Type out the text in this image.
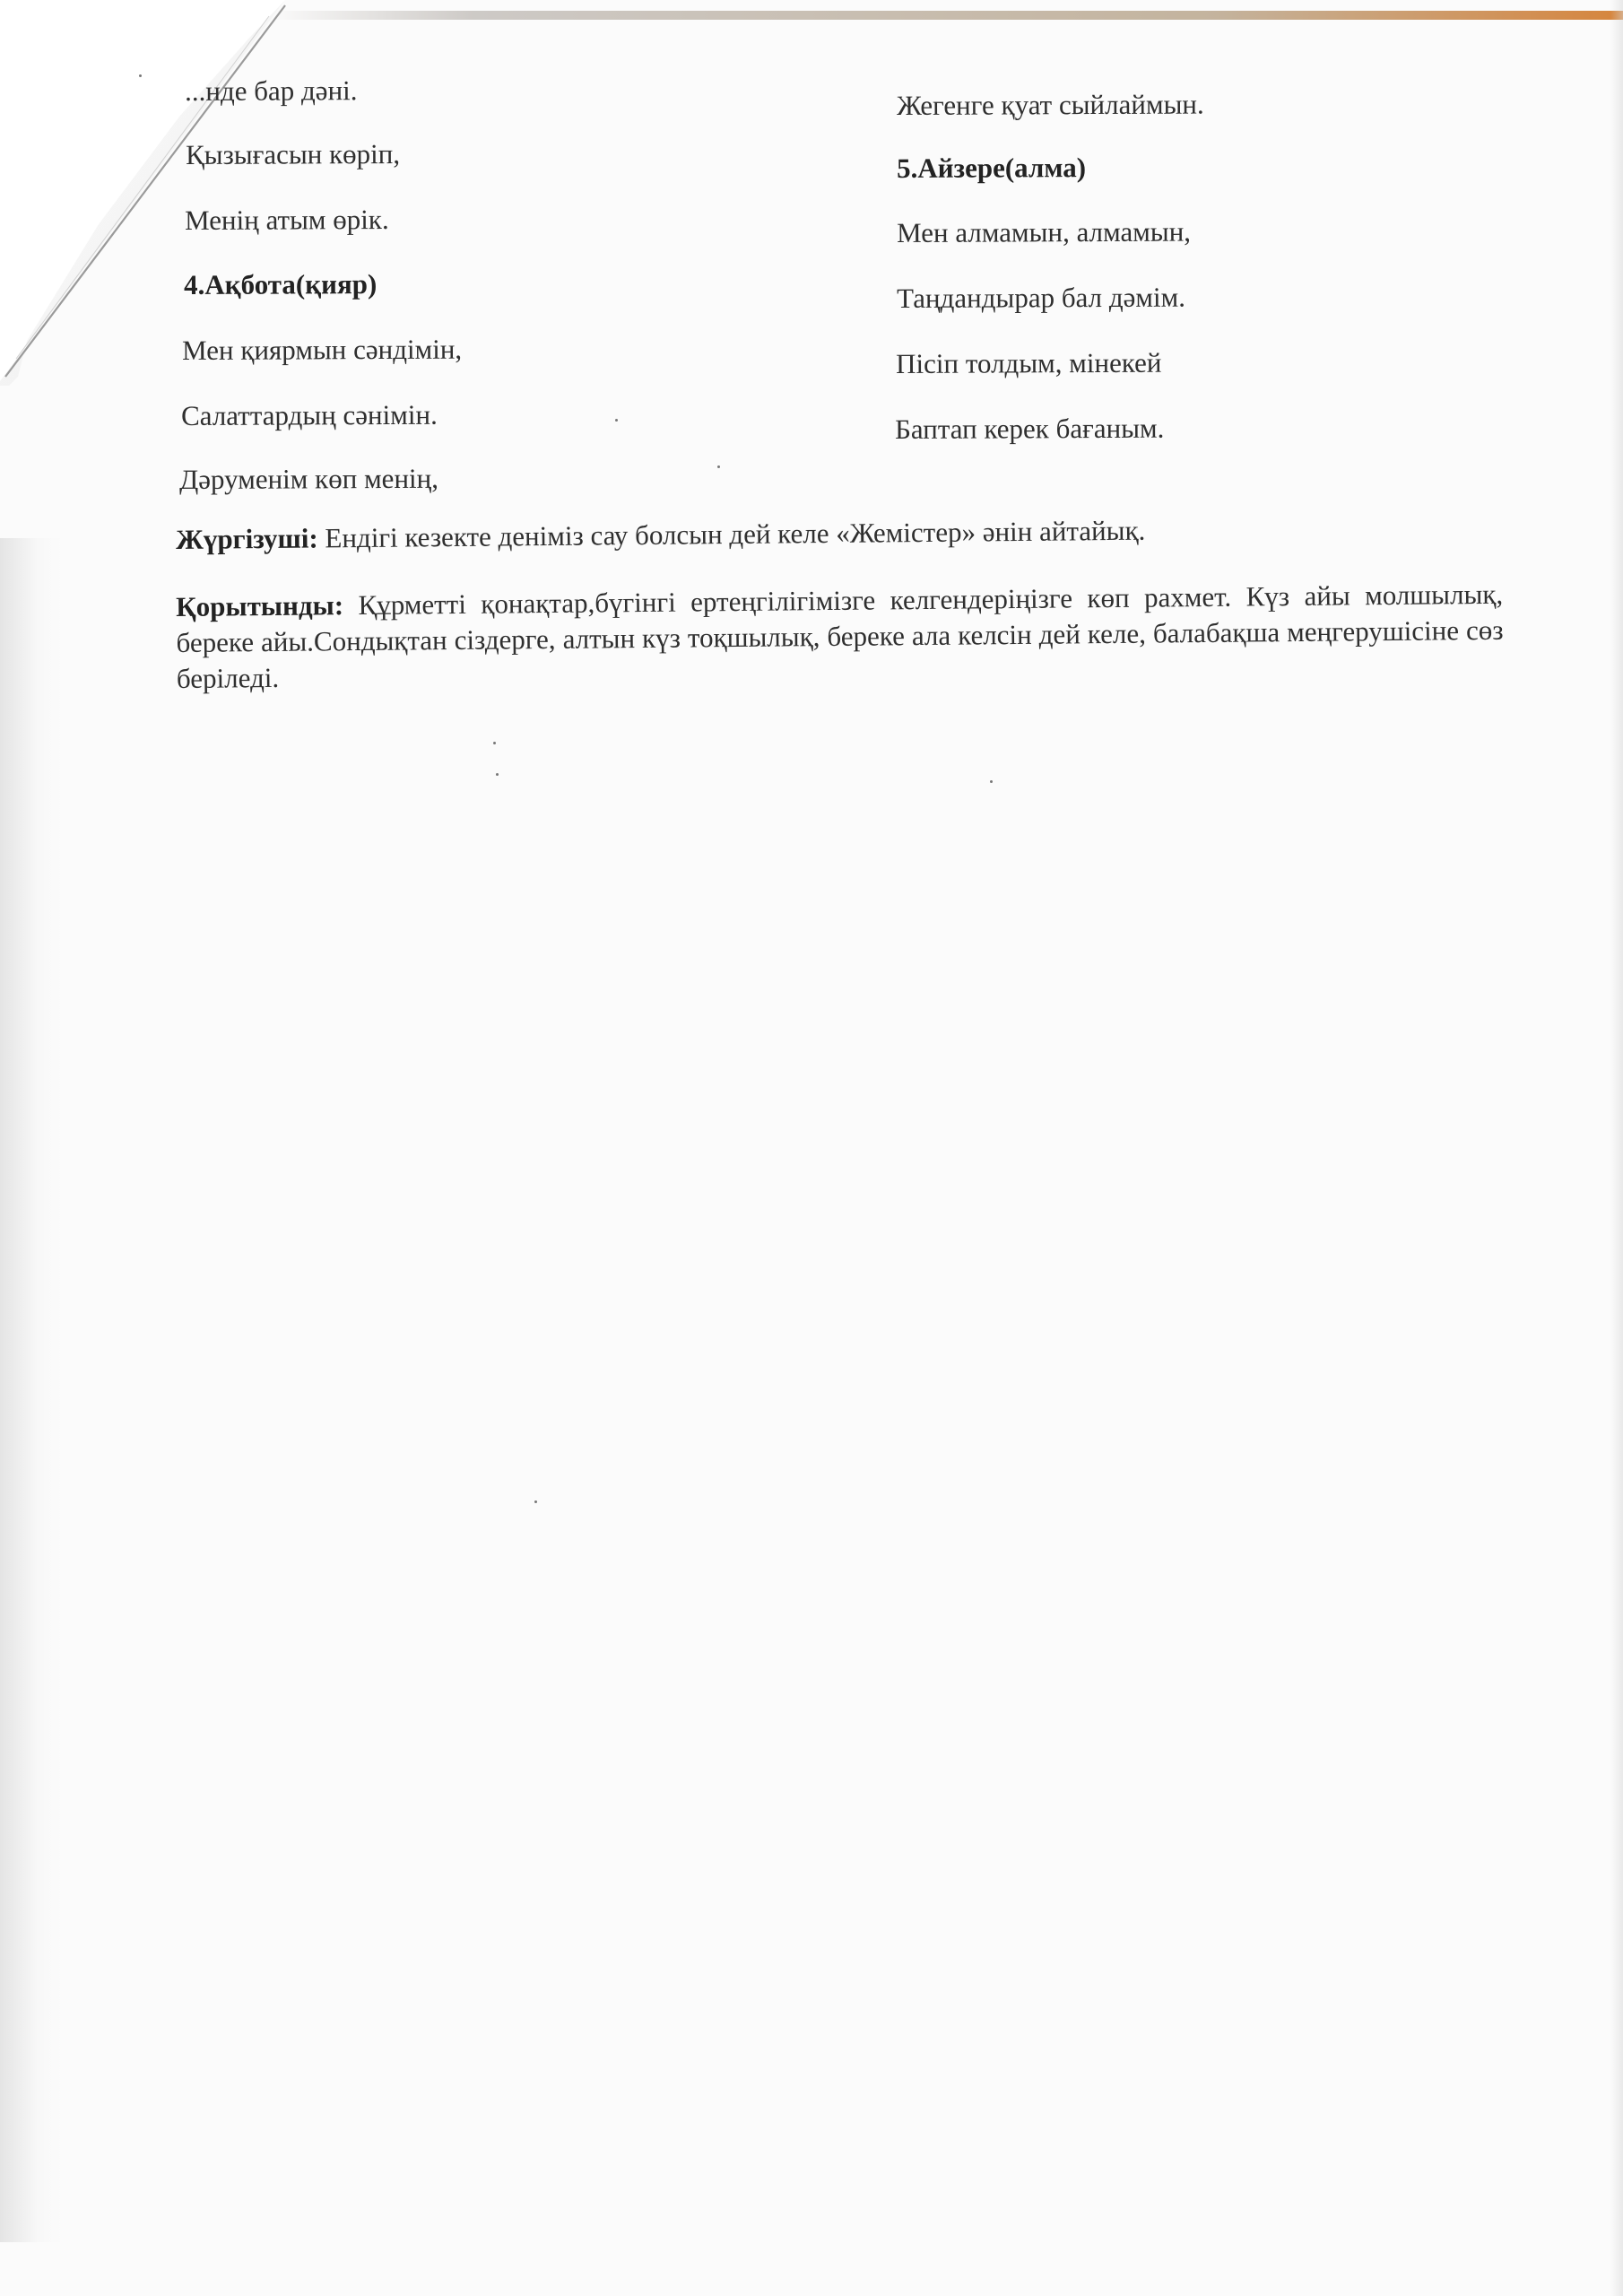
...нде бар дәні.
Қызығасын көріп,
Менің атым өрік.
4.Ақбота(қияр)
Мен қиярмын сәндімін,
Салаттардың сәнімін.
Дәруменім көп менің,
Жегенге қуат сыйлаймын.
5.Айзере(алма)
Мен алмамын, алмамын,
Таңдандырар бал дәмім.
Пісіп толдым, мінекей
Баптап керек бағаным.
Жүргізуші: Ендігі кезекте деніміз сау болсын дей келе «Жемістер» әнін айтайық.
Қорытынды: Құрметті қонақтар,бүгінгі ертеңгілігімізге келгендеріңізге көп рахмет. Күз айы молшылық, береке айы.Сондықтан сіздерге, алтын күз тоқшылық, береке ала келсін дей келе, балабақша меңгерушісіне сөз беріледі.
